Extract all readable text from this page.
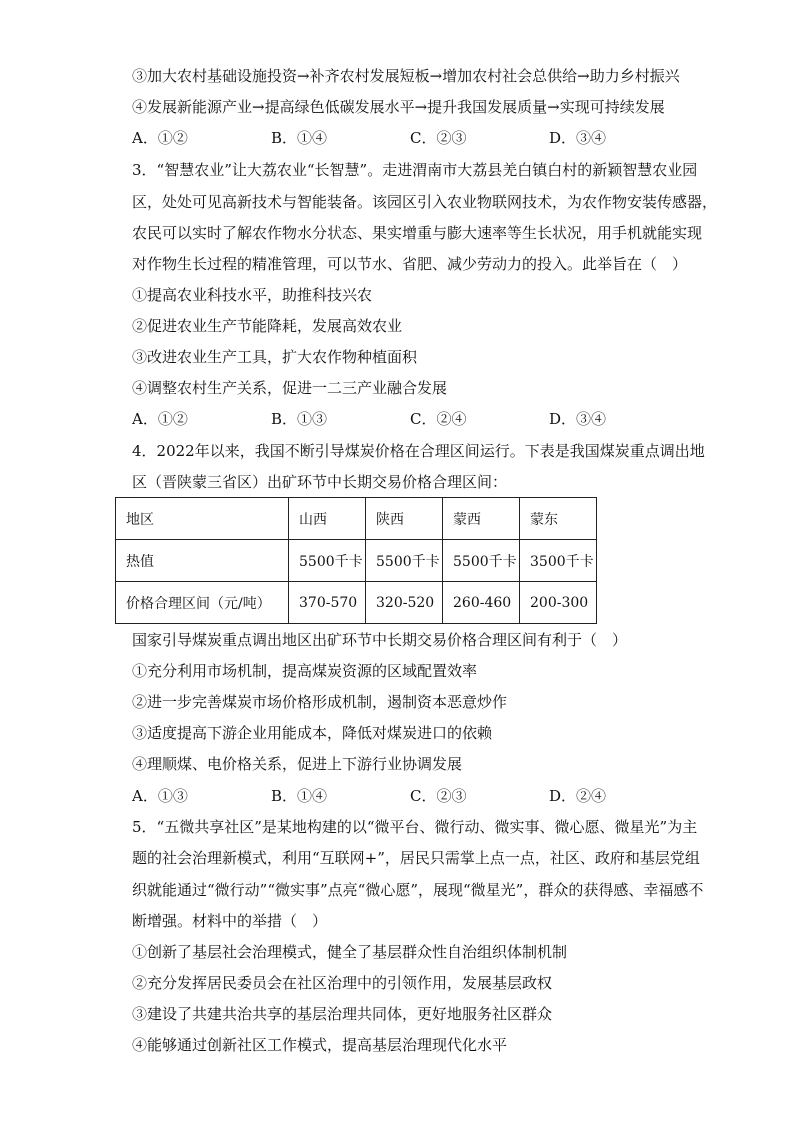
③加大农村基础设施投资→补齐农村发展短板→增加农村社会总供给→助力乡村振兴
④发展新能源产业→提高绿色低碳发展水平→提升我国发展质量→实现可持续发展
A．①②	B．①④	C．②③	D．③④
3．“智慧农业”让大荔农业“长智慧”。走进渭南市大荔县羌白镇白村的新颖智慧农业园
区，处处可见高新技术与智能装备。该园区引入农业物联网技术，为农作物安装传感器，
农民可以实时了解农作物水分状态、果实增重与膨大速率等生长状况，用手机就能实现
对作物生长过程的精准管理，可以节水、省肥、减少劳动力的投入。此举旨在（　）
①提高农业科技水平，助推科技兴农
②促进农业生产节能降耗，发展高效农业
③改进农业生产工具，扩大农作物种植面积
④调整农村生产关系，促进一二三产业融合发展
A．①②	B．①③	C．②④	D．③④
4．2022年以来，我国不断引导煤炭价格在合理区间运行。下表是我国煤炭重点调出地
区（晋陕蒙三省区）出矿环节中长期交易价格合理区间：
地区	山西	陕西	蒙西	蒙东
热值	5500千卡	5500千卡	5500千卡	3500千卡
价格合理区间（元/吨）	370-570	320-520	260-460	200-300
国家引导煤炭重点调出地区出矿环节中长期交易价格合理区间有利于（　）
①充分利用市场机制，提高煤炭资源的区域配置效率
②进一步完善煤炭市场价格形成机制，遏制资本恶意炒作
③适度提高下游企业用能成本，降低对煤炭进口的依赖
④理顺煤、电价格关系，促进上下游行业协调发展
A．①③	B．①④	C．②③	D．②④
5．“五微共享社区”是某地构建的以“微平台、微行动、微实事、微心愿、微星光”为主
题的社会治理新模式，利用“互联网+”，居民只需掌上点一点，社区、政府和基层党组
织就能通过“微行动”“微实事”点亮“微心愿”，展现“微星光”，群众的获得感、幸福感不
断增强。材料中的举措（　）
①创新了基层社会治理模式，健全了基层群众性自治组织体制机制
②充分发挥居民委员会在社区治理中的引领作用，发展基层政权
③建设了共建共治共享的基层治理共同体，更好地服务社区群众
④能够通过创新社区工作模式，提高基层治理现代化水平
